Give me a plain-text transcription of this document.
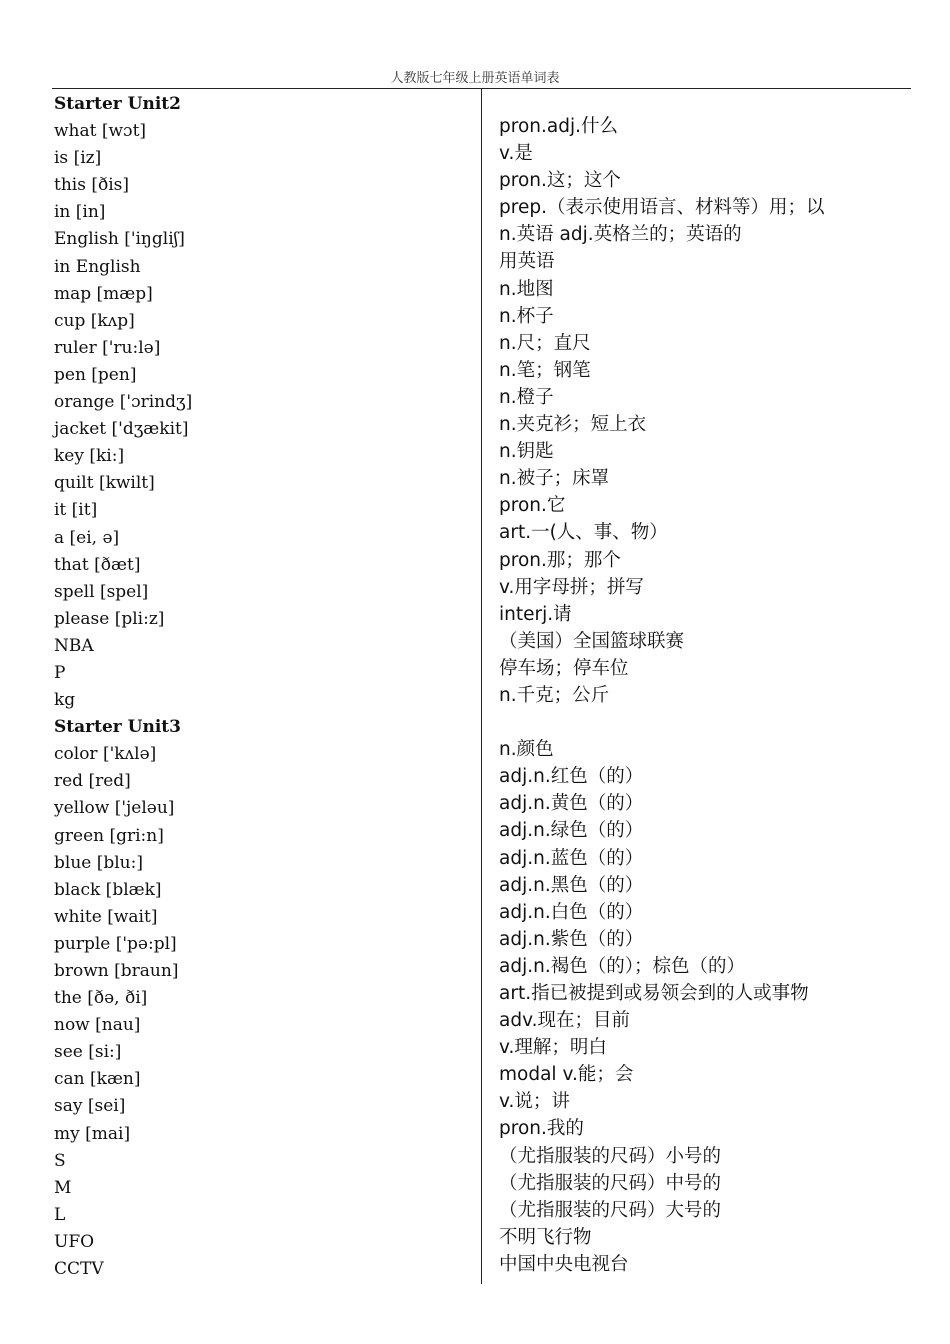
人教版七年级上册英语单词表
Starter Unit2
what [wɔt]
is [iz]
this [ðis]
in [in]
English ['iŋgliʃ]
in English
map [mæp]
cup [kʌp]
ruler ['ru:lə]
pen [pen]
orange ['ɔrindʒ]
jacket ['dʒækit]
key [ki:]
quilt [kwilt]
it [it]
a [ei, ə]
that [ðæt]
spell [spel]
please [pli:z]
NBA
P
kg
Starter Unit3
color ['kʌlə]
red [red]
yellow ['jeləu]
green [gri:n]
blue [blu:]
black [blæk]
white [wait]
purple ['pə:pl]
brown [braun]
the [ðə, ði]
now [nau]
see [si:]
can [kæn]
say [sei]
my [mai]
S
M
L
UFO
CCTV
pron.adj.什么
v.是
pron.这；这个
prep.（表示使用语言、材料等）用；以
n.英语 adj.英格兰的；英语的
用英语
n.地图
n.杯子
n.尺；直尺
n.笔；钢笔
n.橙子
n.夹克衫；短上衣
n.钥匙
n.被子；床罩
pron.它
art.一(人、事、物）
pron.那；那个
v.用字母拼；拼写
interj.请
（美国）全国篮球联赛
停车场；停车位
n.千克；公斤
n.颜色
adj.n.红色（的）
adj.n.黄色（的）
adj.n.绿色（的）
adj.n.蓝色（的）
adj.n.黑色（的）
adj.n.白色（的）
adj.n.紫色（的）
adj.n.褐色（的）；棕色（的）
art.指已被提到或易领会到的人或事物
adv.现在；目前
v.理解；明白
modal v.能；会
v.说；讲
pron.我的
（尤指服装的尺码）小号的
（尤指服装的尺码）中号的
（尤指服装的尺码）大号的
不明飞行物
中国中央电视台
